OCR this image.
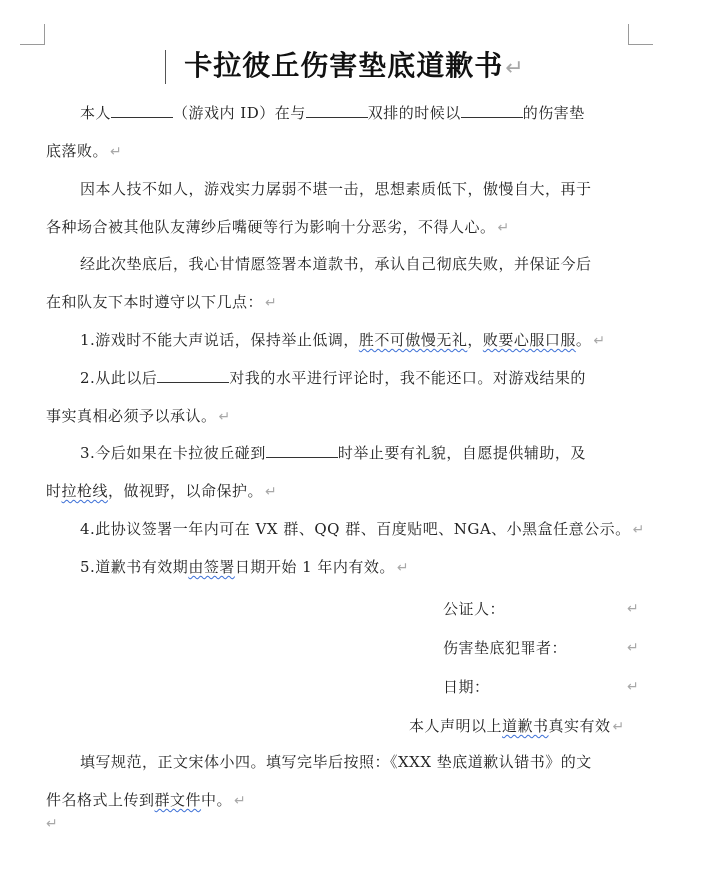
卡拉彼丘伤害垫底道歉书↵
本人	（游戏内 ID）在与	双排的时候以	的伤害垫
底落败。 ↵
因本人技不如人，游戏实力孱弱不堪一击，思想素质低下，傲慢自大，再于
各种场合被其他队友薄纱后嘴硬等行为影响十分恶劣，不得人心。 ↵
经此次垫底后，我心甘情愿签署本道款书，承认自己彻底失败，并保证今后
在和队友下本时遵守以下几点： ↵
1.游戏时不能大声说话，保持举止低调，胜不可傲慢无礼，败要心服口服。 ↵
2.从此以后	对我的水平进行评论时，我不能还口。对游戏结果的
事实真相必须予以承认。 ↵
3.今后如果在卡拉彼丘碰到	时举止要有礼貌，自愿提供辅助，及
时拉枪线，做视野，以命保护。 ↵
4.此协议签署一年内可在 VX 群、QQ 群、百度贴吧、NGA、小黑盒任意公示。 ↵
5.道歉书有效期由签署日期开始 1 年内有效。 ↵
公证人：	↵
伤害垫底犯罪者：	↵
日期：	↵
本人声明以上道歉书真实有效 ↵
填写规范，正文宋体小四。填写完毕后按照：《XXX 垫底道歉认错书》的文
件名格式上传到群文件中。 ↵
↵
